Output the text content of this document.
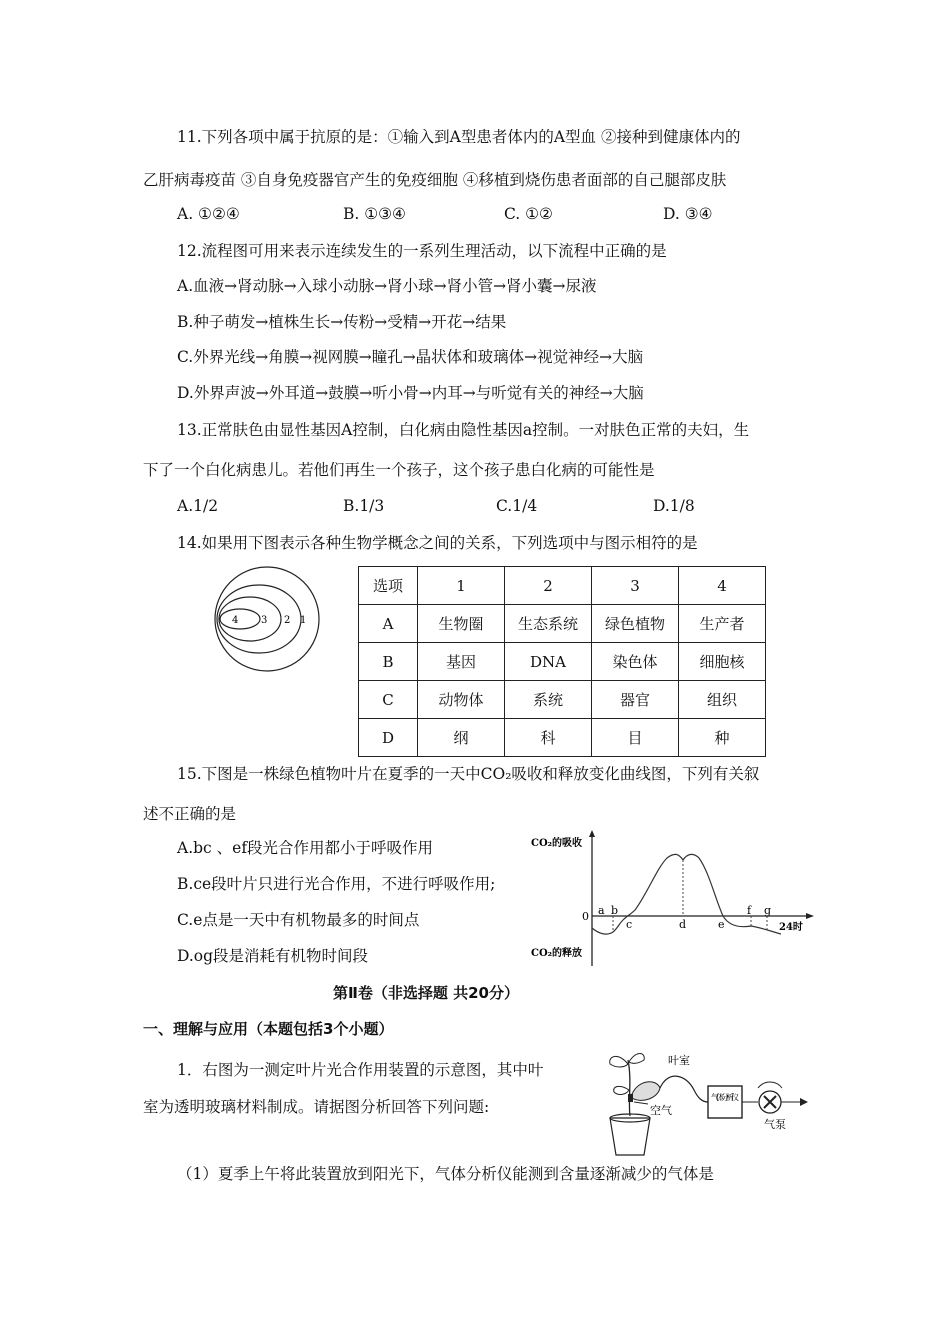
11.下列各项中属于抗原的是：①输入到A型患者体内的A型血 ②接种到健康体内的
乙肝病毒疫苗 ③自身免疫器官产生的免疫细胞 ④移植到烧伤患者面部的自己腿部皮肤
A. ①②④	B. ①③④	C. ①②	D. ③④
12.流程图可用来表示连续发生的一系列生理活动，以下流程中正确的是
A.血液→肾动脉→入球小动脉→肾小球→肾小管→肾小囊→尿液
B.种子萌发→植株生长→传粉→受精→开花→结果
C.外界光线→角膜→视网膜→瞳孔→晶状体和玻璃体→视觉神经→大脑
D.外界声波→外耳道→鼓膜→听小骨→内耳→与听觉有关的神经→大脑
13.正常肤色由显性基因A控制，白化病由隐性基因a控制。一对肤色正常的夫妇，生
下了一个白化病患儿。若他们再生一个孩子，这个孩子患白化病的可能性是
A.1/2	B.1/3	C.1/4	D.1/8
14.如果用下图表示各种生物学概念之间的关系，下列选项中与图示相符的是
4 3 2 1
选项	1	2	3	4
A	生物圈	生态系统	绿色植物	生产者
B	基因	DNA	染色体	细胞核
C	动物体	系统	器官	组织
D	纲	科	目	种
15.下图是一株绿色植物叶片在夏季的一天中CO₂吸收和释放变化曲线图，下列有关叙
述不正确的是
A.bc 、ef段光合作用都小于呼吸作用
B.ce段叶片只进行光合作用，不进行呼吸作用;
C.e点是一天中有机物最多的时间点
D.og段是消耗有机物时间段
CO₂的吸收
CO₂的释放
0
24时
a b
c	d	e
f g
第Ⅱ卷（非选择题 共20分）
一、理解与应用（本题包括3个小题）
1．右图为一测定叶片光合作用装置的示意图，其中叶
室为透明玻璃材料制成。请据图分析回答下列问题:
（1）夏季上午将此装置放到阳光下，气体分析仪能测到含量逐渐减少的气体是
叶室
空气
气体分析仪
气泵
